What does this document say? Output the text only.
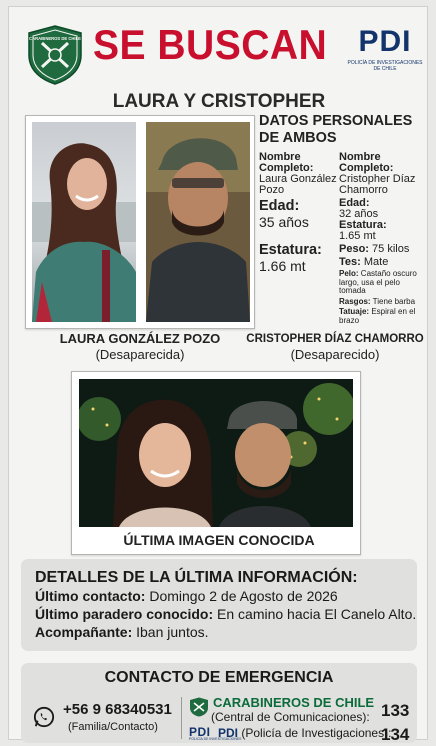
CARABINEROS DE CHILE SE BUSCAN	PDI
POLICÍA DE INVESTIGACIONES DE CHILE
LAURA Y CRISTOPHER
DATOS PERSONALES DE AMBOS
Nombre Completo:
Laura González Pozo
Edad:
35 años
Estatura:
1.66 mt
Nombre Completo:
Cristopher Díaz Chamorro
Edad:
32 años
Estatura:
1.65 mt
Peso: 75 kilos
Tes: Mate
Pelo: Castaño oscuro largo, usa el pelo tomada
Rasgos: Tiene barba
Tatuaje: Espiral en el brazo
LAURA GONZÁLEZ POZO
(Desaparecida)
CRISTOPHER DÍAZ CHAMORRO
(Desaparecido)
ÚLTIMA IMAGEN CONOCIDA
DETALLES DE LA ÚLTIMA INFORMACIÓN:
Último contacto: Domingo 2 de Agosto de 2026
Último paradero conocido: En camino hacia El Canelo Alto.
Acompañante: Iban juntos.
CONTACTO DE EMERGENCIA
+56 9 68340531
(Familia/Contacto)
CARABINEROS DE CHILE
(Central de Comunicaciones): 133
PDI
POLICÍA DE INVESTIGACIONES
PDI (Policía de Investigaciones):
134
